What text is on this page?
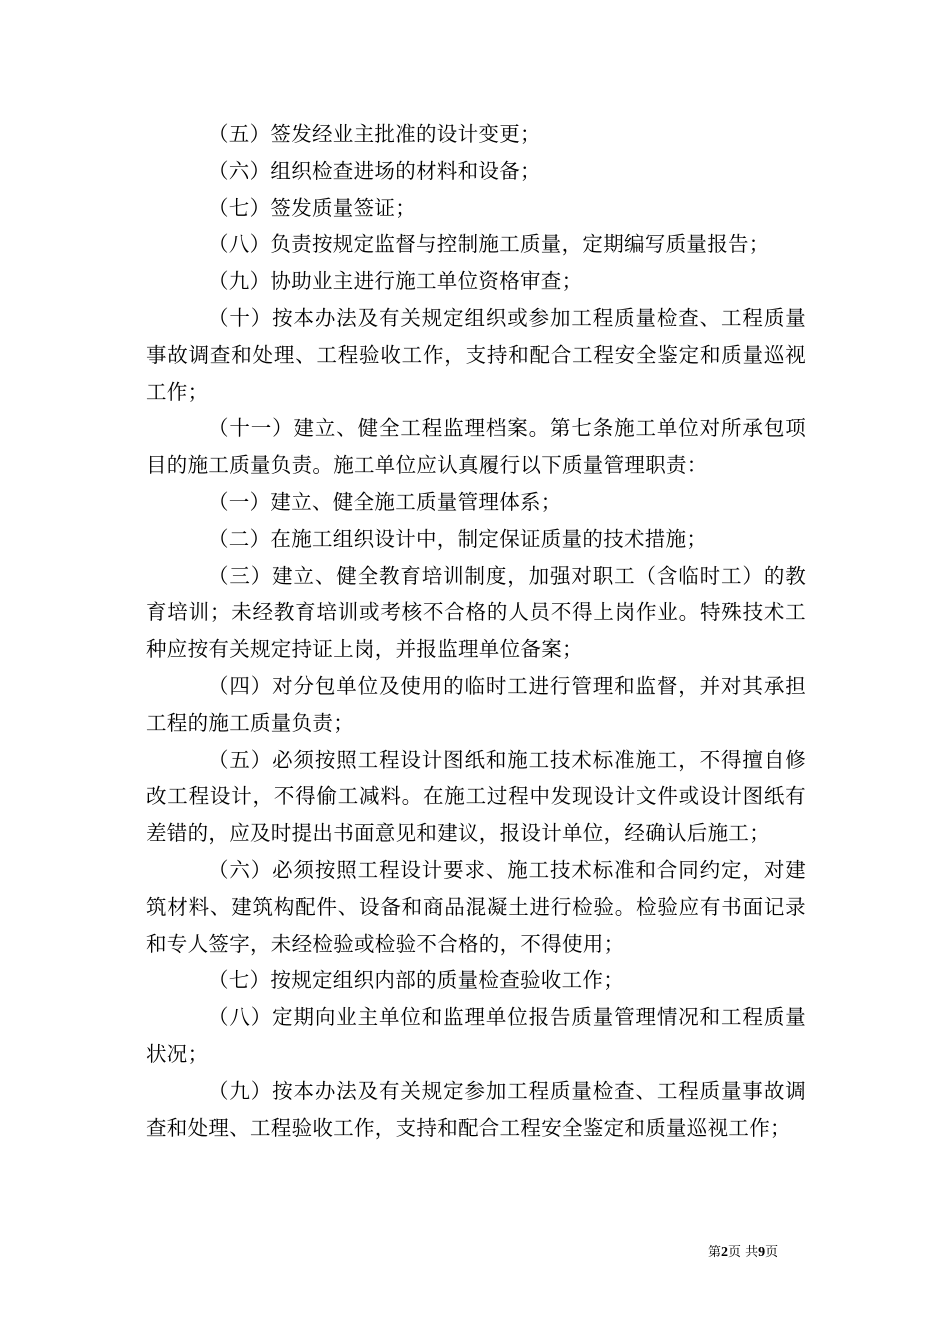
（五）签发经业主批准的设计变更；

（六）组织检查进场的材料和设备；

（七）签发质量签证；

（八）负责按规定监督与控制施工质量，定期编写质量报告；

（九）协助业主进行施工单位资格审查；

（十）按本办法及有关规定组织或参加工程质量检查、工程质量事故调查和处理、工程验收工作，支持和配合工程安全鉴定和质量巡视工作；

（十一）建立、健全工程监理档案。第七条施工单位对所承包项目的施工质量负责。施工单位应认真履行以下质量管理职责：

（一）建立、健全施工质量管理体系；

（二）在施工组织设计中，制定保证质量的技术措施；

（三）建立、健全教育培训制度，加强对职工（含临时工）的教育培训；未经教育培训或考核不合格的人员不得上岗作业。特殊技术工种应按有关规定持证上岗，并报监理单位备案；

（四）对分包单位及使用的临时工进行管理和监督，并对其承担工程的施工质量负责；

（五）必须按照工程设计图纸和施工技术标准施工，不得擅自修改工程设计，不得偷工减料。在施工过程中发现设计文件或设计图纸有差错的，应及时提出书面意见和建议，报设计单位，经确认后施工；

（六）必须按照工程设计要求、施工技术标准和合同约定，对建筑材料、建筑构配件、设备和商品混凝土进行检验。检验应有书面记录和专人签字，未经检验或检验不合格的，不得使用；

（七）按规定组织内部的质量检查验收工作；

（八）定期向业主单位和监理单位报告质量管理情况和工程质量状况；

（九）按本办法及有关规定参加工程质量检查、工程质量事故调查和处理、工程验收工作，支持和配合工程安全鉴定和质量巡视工作；

第2页 共9页
